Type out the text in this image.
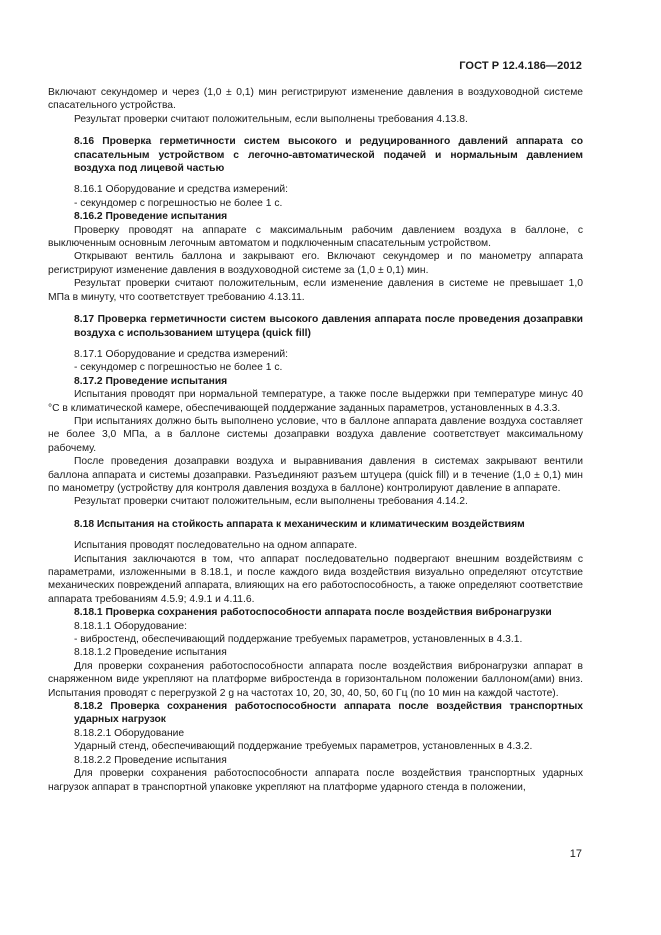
ГОСТ Р 12.4.186—2012

Включают секундомер и через (1,0 ± 0,1) мин регистрируют изменение давления в воздуховодной системе спасательного устройства.

Результат проверки считают положительным, если выполнены требования 4.13.8.

8.16 Проверка герметичности систем высокого и редуцированного давлений аппарата со спасательным устройством с легочно-автоматической подачей и нормальным давлением воздуха под лицевой частью

8.16.1 Оборудование и средства измерений:

- секундомер с погрешностью не более 1 с.

8.16.2 Проведение испытания

Проверку проводят на аппарате с максимальным рабочим давлением воздуха в баллоне, с выключенным основным легочным автоматом и подключенным спасательным устройством.

Открывают вентиль баллона и закрывают его. Включают секундомер и по манометру аппарата регистрируют изменение давления в воздуховодной системе за (1,0 ± 0,1) мин.

Результат проверки считают положительным, если изменение давления в системе не превышает 1,0 МПа в минуту, что соответствует требованию 4.13.11.

8.17 Проверка герметичности систем высокого давления аппарата после проведения дозаправки воздуха с использованием штуцера (quick fill)

8.17.1 Оборудование и средства измерений:

- секундомер с погрешностью не более 1 с.

8.17.2 Проведение испытания

Испытания проводят при нормальной температуре, а также после выдержки при температуре минус 40 °С в климатической камере, обеспечивающей поддержание заданных параметров, установленных в 4.3.3.

При испытаниях должно быть выполнено условие, что в баллоне аппарата давление воздуха составляет не более 3,0 МПа, а в баллоне системы дозаправки воздуха давление соответствует максимальному рабочему.

После проведения дозаправки воздуха и выравнивания давления в системах закрывают вентили баллона аппарата и системы дозаправки. Разъединяют разъем штуцера (quick fill) и в течение (1,0 ± 0,1) мин по манометру (устройству для контроля давления воздуха в баллоне) контролируют давление в аппарате.

Результат проверки считают положительным, если выполнены требования 4.14.2.

8.18 Испытания на стойкость аппарата к механическим и климатическим воздействиям

Испытания проводят последовательно на одном аппарате.

Испытания заключаются в том, что аппарат последовательно подвергают внешним воздействиям с параметрами, изложенными в 8.18.1, и после каждого вида воздействия визуально определяют отсутствие механических повреждений аппарата, влияющих на его работоспособность, а также определяют соответствие аппарата требованиям 4.5.9; 4.9.1 и 4.11.6.

8.18.1 Проверка сохранения работоспособности аппарата после воздействия вибронагрузки

8.18.1.1 Оборудование:

- вибростенд, обеспечивающий поддержание требуемых параметров, установленных в 4.3.1.

8.18.1.2 Проведение испытания

Для проверки сохранения работоспособности аппарата после воздействия вибронагрузки аппарат в снаряженном виде укрепляют на платформе вибростенда в горизонтальном положении баллоном(ами) вниз. Испытания проводят с перегрузкой 2 g на частотах 10, 20, 30, 40, 50, 60 Гц (по 10 мин на каждой частоте).

8.18.2 Проверка сохранения работоспособности аппарата после воздействия транспортных ударных нагрузок

8.18.2.1 Оборудование

Ударный стенд, обеспечивающий поддержание требуемых параметров, установленных в 4.3.2.

8.18.2.2 Проведение испытания

Для проверки сохранения работоспособности аппарата после воздействия транспортных ударных нагрузок аппарат в транспортной упаковке укрепляют на платформе ударного стенда в положении,

17
